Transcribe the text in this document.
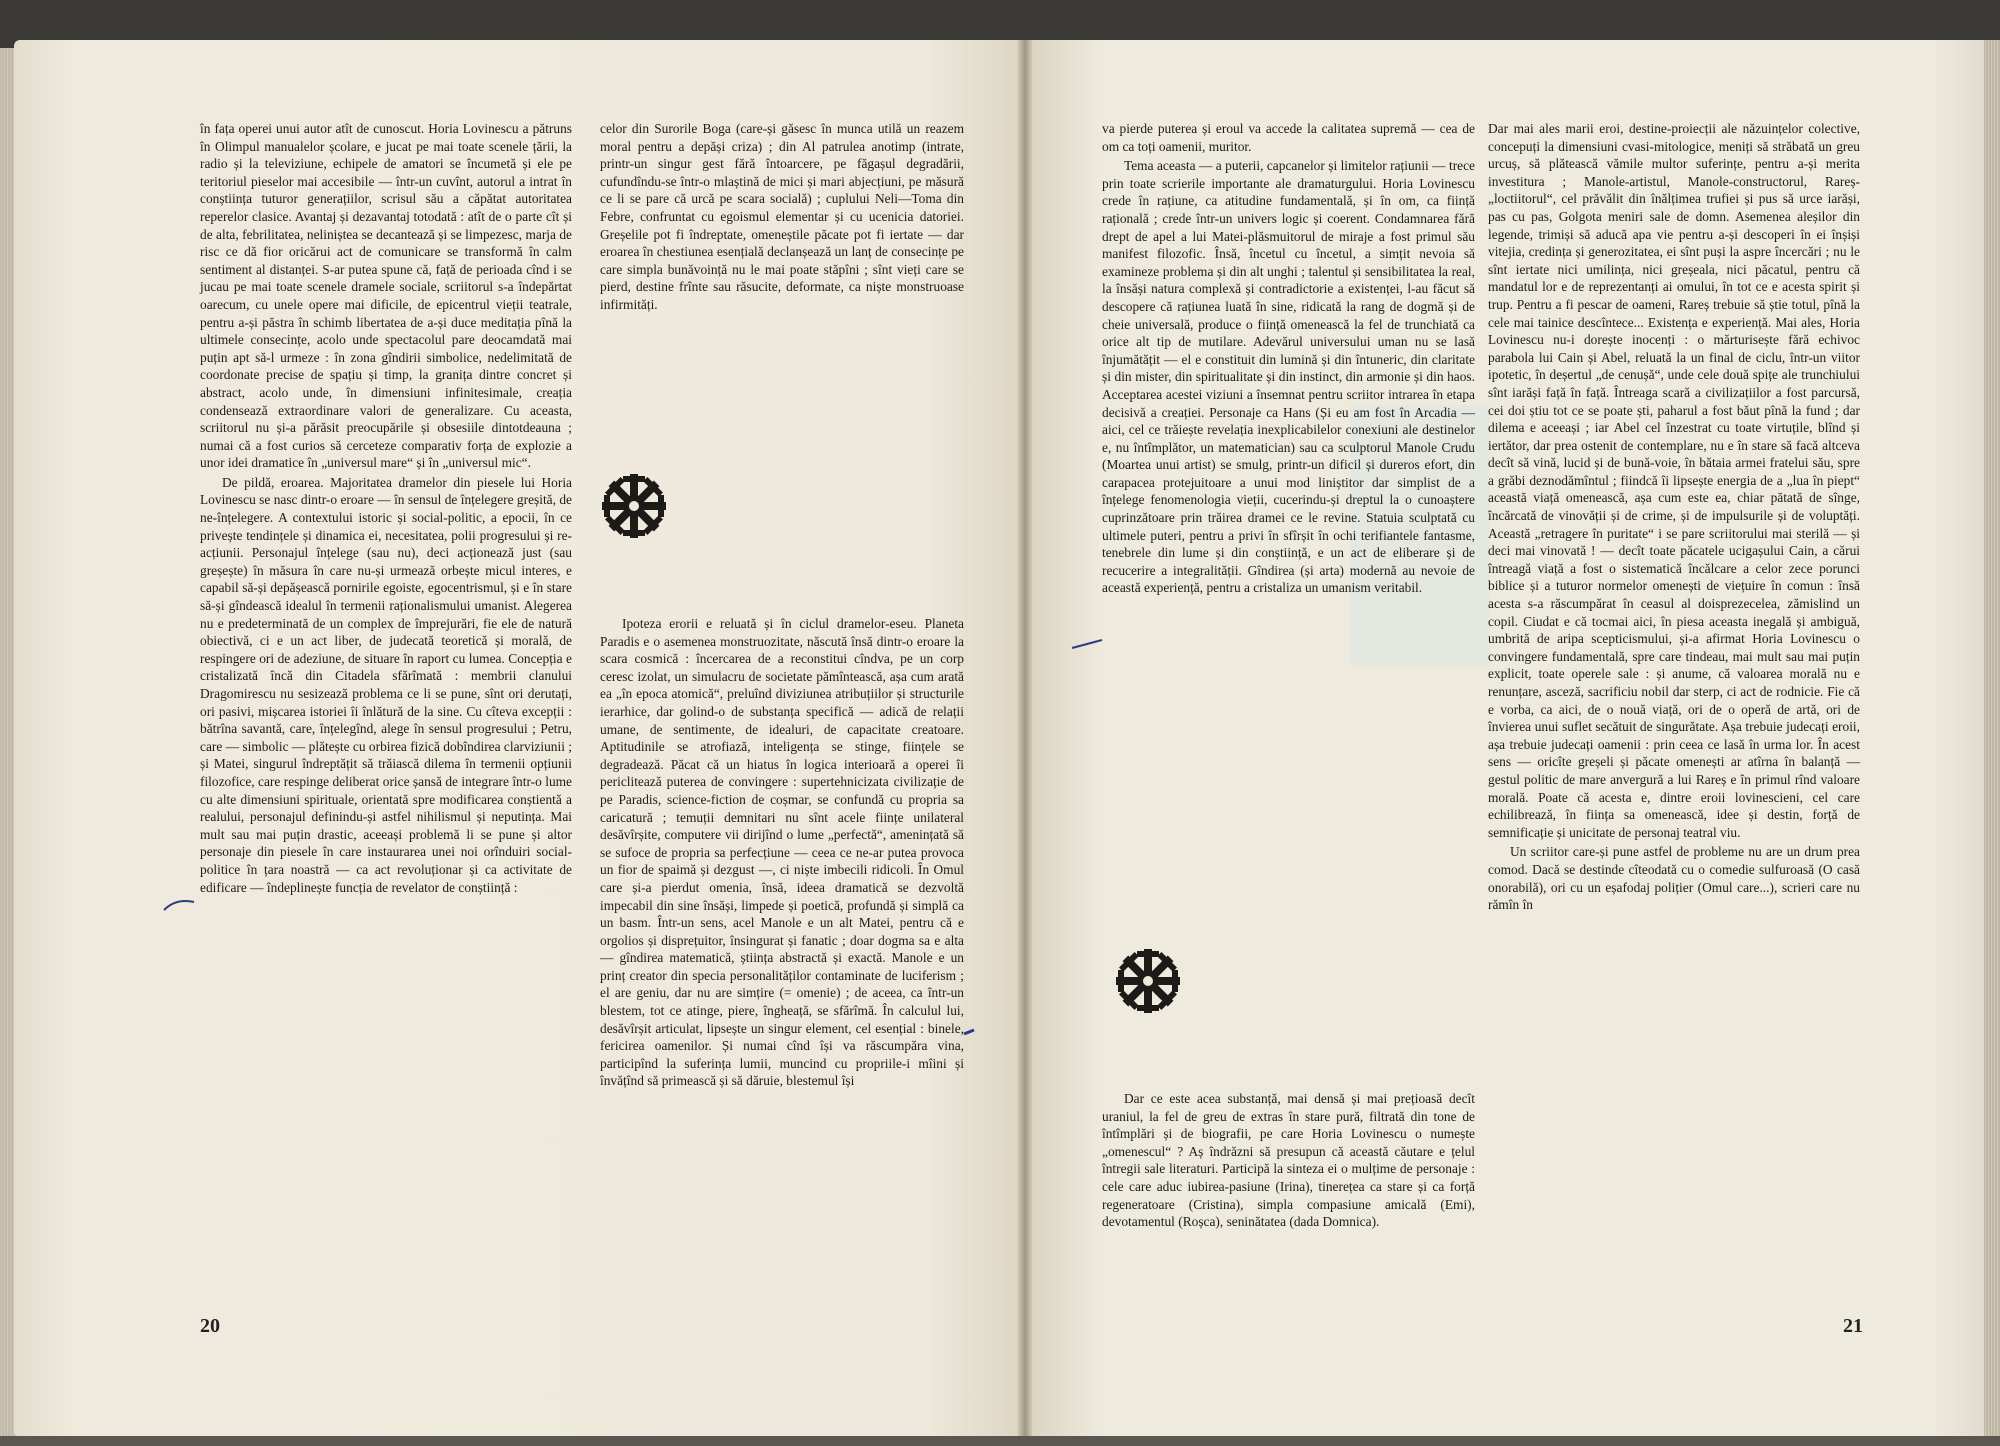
în fața operei unui autor atît de cunoscut. Horia Lovinescu a pătruns în Olimpul manualelor școlare, e jucat pe mai toate scenele țării, la radio și la televiziune, echipele de amatori se încumetă și ele pe teritoriul pieselor mai accesibile — într-un cuvînt, autorul a intrat în conștiința tuturor generațiilor, scrisul său a căpătat autoritatea reperelor clasice. Avantaj și dezavantaj totodată : atît de o parte cît și de alta, febrilitatea, neliniștea se decantează și se limpezesc, marja de risc ce dă fior oricărui act de comunicare se transformă în calm sentiment al distanței. S-ar putea spune că, față de perioada cînd i se jucau pe mai toate scenele dramele sociale, scriitorul s-a îndepărtat oarecum, cu unele opere mai dificile, de epicentrul vieții teatrale, pentru a-și păstra în schimb libertatea de a-și duce meditația pînă la ultimele consecințe, acolo unde spectacolul pare deocamdată mai puțin apt să-l urmeze : în zona gîndirii simbolice, nedelimitată de coordonate precise de spațiu și timp, la granița dintre concret și abstract, acolo unde, în dimensiuni infinitesimale, creația condensează extraordinare valori de generalizare. Cu aceasta, scriitorul nu și-a părăsit preocupările și obsesiile dintotdeauna ; numai că a fost curios să cerceteze comparativ forța de explozie a unor idei dramatice în „universul mare“ și în „universul mic“.

De pildă, eroarea. Majoritatea dramelor din piesele lui Horia Lovinescu se nasc dintr-o eroare — în sensul de înțelegere greșită, de ne-înțelegere. A contextului istoric și social-politic, a epocii, în ce privește tendințele și dinamica ei, necesitatea, polii progresului și re-acțiunii. Personajul înțelege (sau nu), deci acționează just (sau greșește) în măsura în care nu-și urmează orbește micul interes, e capabil să-și depășească pornirile egoiste, egocentrismul, și e în stare să-și gîndească idealul în termenii raționalismului umanist. Alegerea nu e predeterminată de un complex de împrejurări, fie ele de natură obiectivă, ci e un act liber, de judecată teoretică și morală, de respingere ori de adeziune, de situare în raport cu lumea. Concepția e cristalizată încă din Citadela sfărîmată : membrii clanului Dragomirescu nu sesizează problema ce li se pune, sînt ori derutați, ori pasivi, mișcarea istoriei îi înlătură de la sine. Cu cîteva excepții : bătrîna savantă, care, înțelegînd, alege în sensul progresului ; Petru, care — simbolic — plătește cu orbirea fizică dobîndirea clarviziunii ; și Matei, singurul îndreptățit să trăiască dilema în termenii opțiunii filozofice, care respinge deliberat orice șansă de integrare într-o lume cu alte dimensiuni spirituale, orientată spre modificarea conștientă a realului, personajul definindu-și astfel nihilismul și neputința. Mai mult sau mai puțin drastic, aceeași problemă li se pune și altor personaje din piesele în care instaurarea unei noi orînduiri social-politice în țara noastră — ca act revoluționar și ca activitate de edificare — îndeplinește funcția de revelator de conștiință :

celor din Surorile Boga (care-și găsesc în munca utilă un reazem moral pentru a depăși criza) ; din Al patrulea anotimp (intrate, printr-un singur gest fără întoarcere, pe făgașul degradării, cufundîndu-se într-o mlaștină de mici și mari abjecțiuni, pe măsură ce li se pare că urcă pe scara socială) ; cuplului Neli—Toma din Febre, confruntat cu egoismul elementar și cu ucenicia datoriei. Greșelile pot fi îndreptate, omeneștile păcate pot fi iertate — dar eroarea în chestiunea esențială declanșează un lanț de consecințe pe care simpla bunăvoință nu le mai poate stăpîni ; sînt vieți care se pierd, destine frînte sau răsucite, deformate, ca niște monstruoase infirmități.

Ipoteza erorii e reluată și în ciclul dramelor-eseu. Planeta Paradis e o asemenea monstruozitate, născută însă dintr-o eroare la scara cosmică : încercarea de a reconstitui cîndva, pe un corp ceresc izolat, un simulacru de societate pămîntească, așa cum arată ea „în epoca atomică“, preluînd diviziunea atribuțiilor și structurile ierarhice, dar golind-o de substanța specifică — adică de relații umane, de sentimente, de idealuri, de capacitate creatoare. Aptitudinile se atrofiază, inteligența se stinge, ființele se degradează. Păcat că un hiatus în logica interioară a operei îi periclitează puterea de convingere : supertehnicizata civilizație de pe Paradis, science-fiction de coșmar, se confundă cu propria sa caricatură ; temuții demnitari nu sînt acele ființe unilateral desăvîrșite, computere vii dirijînd o lume „perfectă“, amenințată să se sufoce de propria sa perfecțiune — ceea ce ne-ar putea provoca un fior de spaimă și dezgust —, ci niște imbecili ridicoli. În Omul care și-a pierdut omenia, însă, ideea dramatică se dezvoltă impecabil din sine însăși, limpede și poetică, profundă și simplă ca un basm. Într-un sens, acel Manole e un alt Matei, pentru că e orgolios și disprețuitor, însingurat și fanatic ; doar dogma sa e alta — gîndirea matematică, știința abstractă și exactă. Manole e un prinț creator din specia personalităților contaminate de luciferism ; el are geniu, dar nu are simțire (= omenie) ; de aceea, ca într-un blestem, tot ce atinge, piere, îngheață, se sfărîmă. În calculul lui, desăvîrșit articulat, lipsește un singur element, cel esențial : binele, fericirea oamenilor. Și numai cînd își va răscumpăra vina, participînd la suferința lumii, muncind cu propriile-i mîini și învățînd să primească și să dăruie, blestemul își

20

va pierde puterea și eroul va accede la calitatea supremă — cea de om ca toți oamenii, muritor.

Tema aceasta — a puterii, capcanelor și limitelor rațiunii — trece prin toate scrierile importante ale dramaturgului. Horia Lovinescu crede în rațiune, ca atitudine fundamentală, și în om, ca ființă rațională ; crede într-un univers logic și coerent. Condamnarea fără drept de apel a lui Matei-plăsmuitorul de miraje a fost primul său manifest filozofic. Însă, încetul cu încetul, a simțit nevoia să examineze problema și din alt unghi ; talentul și sensibilitatea la real, la însăși natura complexă și contradictorie a existenței, l-au făcut să descopere că rațiunea luată în sine, ridicată la rang de dogmă și de cheie universală, produce o ființă omenească la fel de trunchiată ca orice alt tip de mutilare. Adevărul universului uman nu se lasă înjumătățit — el e constituit din lumină și din întuneric, din claritate și din mister, din spiritualitate și din instinct, din armonie și din haos. Acceptarea acestei viziuni a însemnat pentru scriitor intrarea în etapa decisivă a creației. Personaje ca Hans (Și eu am fost în Arcadia — aici, cel ce trăiește revelația inexplicabilelor conexiuni ale destinelor e, nu întîmplător, un matematician) sau ca sculptorul Manole Crudu (Moartea unui artist) se smulg, printr-un dificil și dureros efort, din carapacea protejuitoare a unui mod liniștitor dar simplist de a înțelege fenomenologia vieții, cucerindu-și dreptul la o cunoaștere cuprinzătoare prin trăirea dramei ce le revine. Statuia sculptată cu ultimele puteri, pentru a privi în sfîrșit în ochi terifiantele fantasme, tenebrele din lume și din conștiință, e un act de eliberare și de recucerire a integralității. Gîndirea (și arta) modernă au nevoie de această experiență, pentru a cristaliza un umanism veritabil.

Dar ce este acea substanță, mai densă și mai prețioasă decît uraniul, la fel de greu de extras în stare pură, filtrată din tone de întîmplări și de biografii, pe care Horia Lovinescu o numește „omenescul“ ? Aș îndrăzni să presupun că această căutare e țelul întregii sale literaturi. Participă la sinteza ei o mulțime de personaje : cele care aduc iubirea-pasiune (Irina), tinerețea ca stare și ca forță regeneratoare (Cristina), simpla compasiune amicală (Emi), devotamentul (Roșca), seninătatea (dada Domnica).

Dar mai ales marii eroi, destine-proiecții ale năzuințelor colective, concepuți la dimensiuni cvasi-mitologice, meniți să străbată un greu urcuș, să plătească vămile multor suferințe, pentru a-și merita investitura ; Manole-artistul, Manole-constructorul, Rareș-„loctiitorul“, cel prăvălit din înălțimea trufiei și pus să urce iarăși, pas cu pas, Golgota meniri sale de domn. Asemenea aleșilor din legende, trimiși să aducă apa vie pentru a-și descoperi în ei înșiși vitejia, credința și generozitatea, ei sînt puși la aspre încercări ; nu le sînt iertate nici umilința, nici greșeala, nici păcatul, pentru că mandatul lor e de reprezentanți ai omului, în tot ce e acesta spirit și trup. Pentru a fi pescar de oameni, Rareș trebuie să știe totul, pînă la cele mai tainice descîntece... Existența e experiență. Mai ales, Horia Lovinescu nu-i dorește inocenți : o mărturisește fără echivoc parabola lui Cain și Abel, reluată la un final de ciclu, într-un viitor ipotetic, în deșertul „de cenușă“, unde cele două spițe ale trunchiului sînt iarăși față în față. Întreaga scară a civilizațiilor a fost parcursă, cei doi știu tot ce se poate ști, paharul a fost băut pînă la fund ; dar dilema e aceeași ; iar Abel cel înzestrat cu toate virtuțile, blînd și iertător, dar prea ostenit de contemplare, nu e în stare să facă altceva decît să vină, lucid și de bună-voie, în bătaia armei fratelui său, spre a grăbi deznodămîntul ; fiindcă îi lipsește energia de a „lua în piept“ această viață omenească, așa cum este ea, chiar pătată de sînge, încărcată de vinovății și de crime, și de impulsurile și de voluptăți. Această „retragere în puritate“ i se pare scriitorului mai sterilă — și deci mai vinovată ! — decît toate păcatele ucigașului Cain, a cărui întreagă viață a fost o sistematică încălcare a celor zece porunci biblice și a tuturor normelor omenești de viețuire în comun : însă acesta s-a răscumpărat în ceasul al doisprezecelea, zămislind un copil. Ciudat e că tocmai aici, în piesa aceasta inegală și ambiguă, umbrită de aripa scepticismului, și-a afirmat Horia Lovinescu o convingere fundamentală, spre care tindeau, mai mult sau mai puțin explicit, toate operele sale : și anume, că valoarea morală nu e renunțare, asceză, sacrificiu nobil dar sterp, ci act de rodnicie. Fie că e vorba, ca aici, de o nouă viață, ori de o operă de artă, ori de învierea unui suflet secătuit de singurătate. Așa trebuie judecați eroii, așa trebuie judecați oamenii : prin ceea ce lasă în urma lor. În acest sens — oricîte greșeli și păcate omenești ar atîrna în balanță — gestul politic de mare anvergură a lui Rareș e în primul rînd valoare morală. Poate că acesta e, dintre eroii lovinescieni, cel care echilibrează, în ființa sa omenească, idee și destin, forță de semnificație și unicitate de personaj teatral viu.

Un scriitor care-și pune astfel de probleme nu are un drum prea comod. Dacă se destinde cîteodată cu o comedie sulfuroasă (O casă onorabilă), ori cu un eșafodaj polițier (Omul care...), scrieri care nu rămîn în

21
